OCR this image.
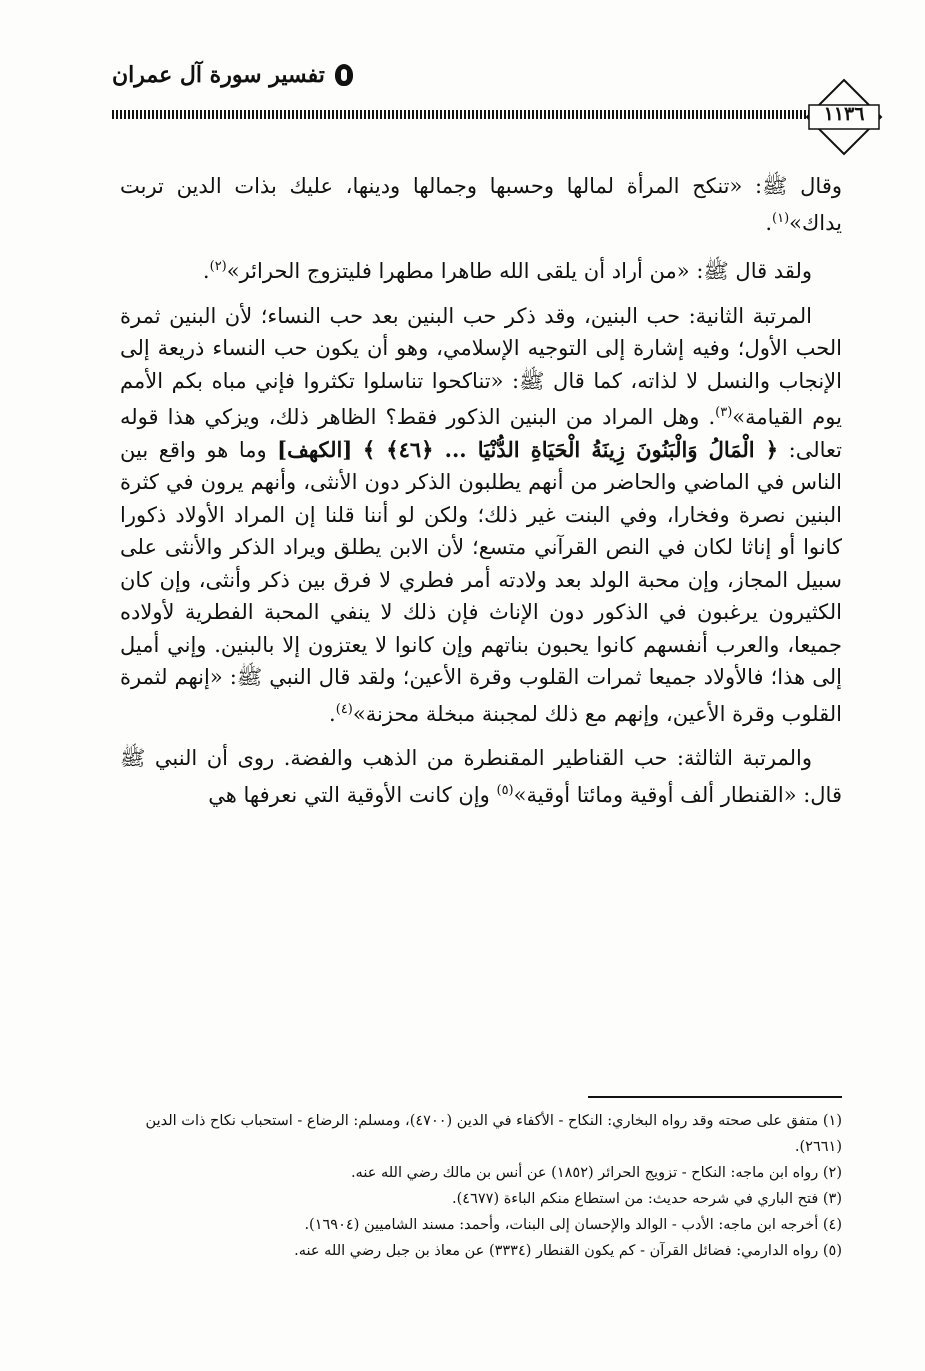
تفسير سورة آل عمران
١١٣٦

وقال ﷺ: «تنكح المرأة لمالها وحسبها وجمالها ودينها، عليك بذات الدين تربت يداك»$^{(١)}$.

ولقد قال ﷺ: «من أراد أن يلقى الله طاهرا مطهرا فليتزوج الحرائر»$^{(٢)}$.

المرتبة الثانية: حب البنين، وقد ذكر حب البنين بعد حب النساء؛ لأن البنين ثمرة الحب الأول؛ وفيه إشارة إلى التوجيه الإسلامي، وهو أن يكون حب النساء ذريعة إلى الإنجاب والنسل لا لذاته، كما قال ﷺ: «تناكحوا تناسلوا تكثروا فإني مباه بكم الأمم يوم القيامة»$^{(٣)}$. وهل المراد من البنين الذكور فقط؟ الظاهر ذلك، ويزكي هذا قوله تعالى: ﴿ الْمَالُ وَالْبَنُونَ زِينَةُ الْحَيَاةِ الدُّنْيَا ... ﴿٤٦﴾ ﴾ [الكهف] وما هو واقع بين الناس في الماضي والحاضر من أنهم يطلبون الذكر دون الأنثى، وأنهم يرون في كثرة البنين نصرة وفخارا، وفي البنت غير ذلك؛ ولكن لو أننا قلنا إن المراد الأولاد ذكورا كانوا أو إناثا لكان في النص القرآني متسع؛ لأن الابن يطلق ويراد الذكر والأنثى على سبيل المجاز، وإن محبة الولد بعد ولادته أمر فطري لا فرق بين ذكر وأنثى، وإن كان الكثيرون يرغبون في الذكور دون الإناث فإن ذلك لا ينفي المحبة الفطرية لأولاده جميعا، والعرب أنفسهم كانوا يحبون بناتهم وإن كانوا لا يعتزون إلا بالبنين. وإني أميل إلى هذا؛ فالأولاد جميعا ثمرات القلوب وقرة الأعين؛ ولقد قال النبي ﷺ: «إنهم لثمرة القلوب وقرة الأعين، وإنهم مع ذلك لمجبنة مبخلة محزنة»$^{(٤)}$.

والمرتبة الثالثة: حب القناطير المقنطرة من الذهب والفضة. روى أن النبي ﷺ قال: «القنطار ألف أوقية ومائتا أوقية»$^{(٥)}$ وإن كانت الأوقية التي نعرفها هي

(١) متفق على صحته وقد رواه البخاري: النكاح - الأكفاء في الدين (٤٧٠٠)، ومسلم: الرضاع - استحباب نكاح ذات الدين (٢٦٦١).
(٢) رواه ابن ماجه: النكاح - تزويج الحرائر (١٨٥٢) عن أنس بن مالك رضي الله عنه.
(٣) فتح الباري في شرحه حديث: من استطاع منكم الباءة (٤٦٧٧).
(٤) أخرجه ابن ماجه: الأدب - الوالد والإحسان إلى البنات، وأحمد: مسند الشاميين (١٦٩٠٤).
(٥) رواه الدارمي: فضائل القرآن - كم يكون القنطار (٣٣٣٤) عن معاذ بن جبل رضي الله عنه.
